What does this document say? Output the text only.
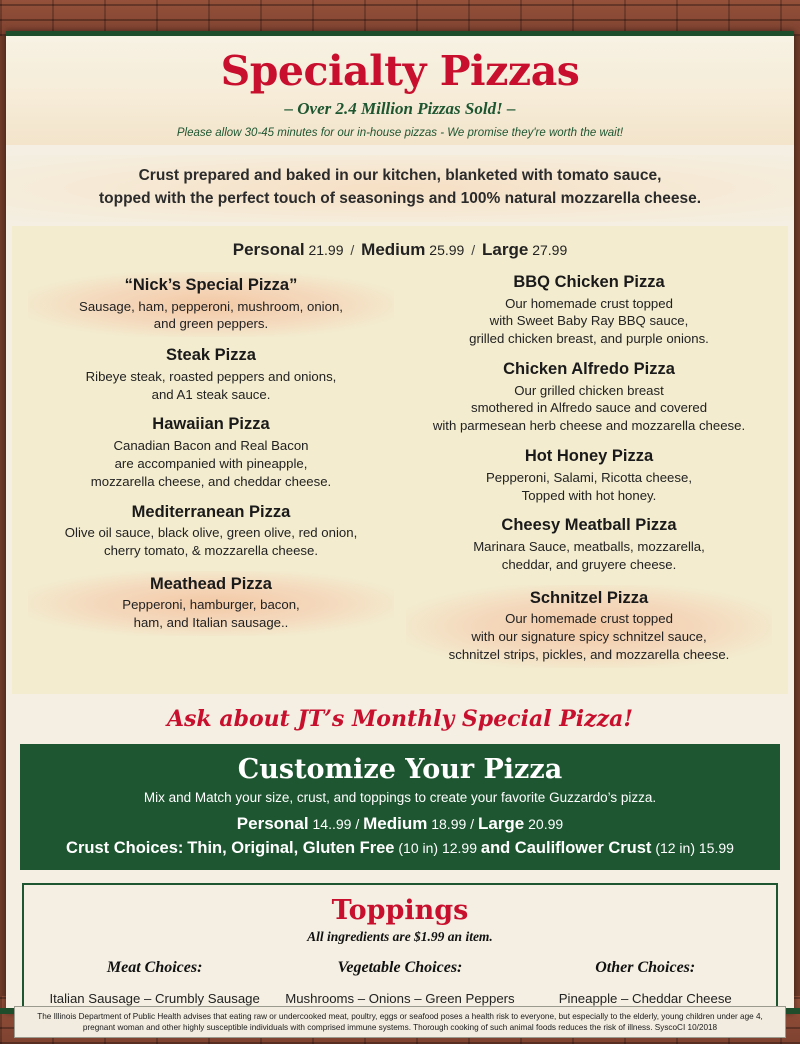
Specialty Pizzas
– Over 2.4 Million Pizzas Sold! –
Please allow 30-45 minutes for our in-house pizzas - We promise they're worth the wait!
Crust prepared and baked in our kitchen, blanketed with tomato sauce,
topped with the perfect touch of seasonings and 100% natural mozzarella cheese.
Personal 21.99 / Medium 25.99 / Large 27.99
“Nick’s Special Pizza”
Sausage, ham, pepperoni, mushroom, onion,
and green peppers.
Steak Pizza
Ribeye steak, roasted peppers and onions,
and A1 steak sauce.
Hawaiian Pizza
Canadian Bacon and Real Bacon
are accompanied with pineapple,
mozzarella cheese, and cheddar cheese.
Mediterranean Pizza
Olive oil sauce, black olive, green olive, red onion,
cherry tomato, & mozzarella cheese.
Meathead Pizza
Pepperoni, hamburger, bacon,
ham, and Italian sausage..
BBQ Chicken Pizza
Our homemade crust topped
with Sweet Baby Ray BBQ sauce,
grilled chicken breast, and purple onions.
Chicken Alfredo Pizza
Our grilled chicken breast
smothered in Alfredo sauce and covered
with parmesean herb cheese and mozzarella cheese.
Hot Honey Pizza
Pepperoni, Salami, Ricotta cheese,
Topped with hot honey.
Cheesy Meatball Pizza
Marinara Sauce, meatballs, mozzarella,
cheddar, and gruyere cheese.
Schnitzel Pizza
Our homemade crust topped
with our signature spicy schnitzel sauce,
schnitzel strips, pickles, and mozzarella cheese.
Ask about JT’s Monthly Special Pizza!
Customize Your Pizza
Mix and Match your size, crust, and toppings to create your favorite Guzzardo’s pizza.
Personal 14..99 / Medium 18.99 / Large 20.99
Crust Choices: Thin, Original, Gluten Free (10 in) 12.99 and Cauliflower Crust (12 in) 15.99
Toppings
All ingredients are $1.99 an item.
Meat Choices:
Italian Sausage – Crumbly Sausage
Vegetable Choices:
Mushrooms – Onions – Green Peppers
Other Choices:
Pineapple – Cheddar Cheese
The Illinois Department of Public Health advises that eating raw or undercooked meat, poultry, eggs or seafood poses a health risk to everyone, but especially to the elderly, young children under age 4, pregnant woman and other highly susceptible individuals with comprised immune systems. Thorough cooking of such animal foods reduces the risk of illness. SyscoCI 10/2018
